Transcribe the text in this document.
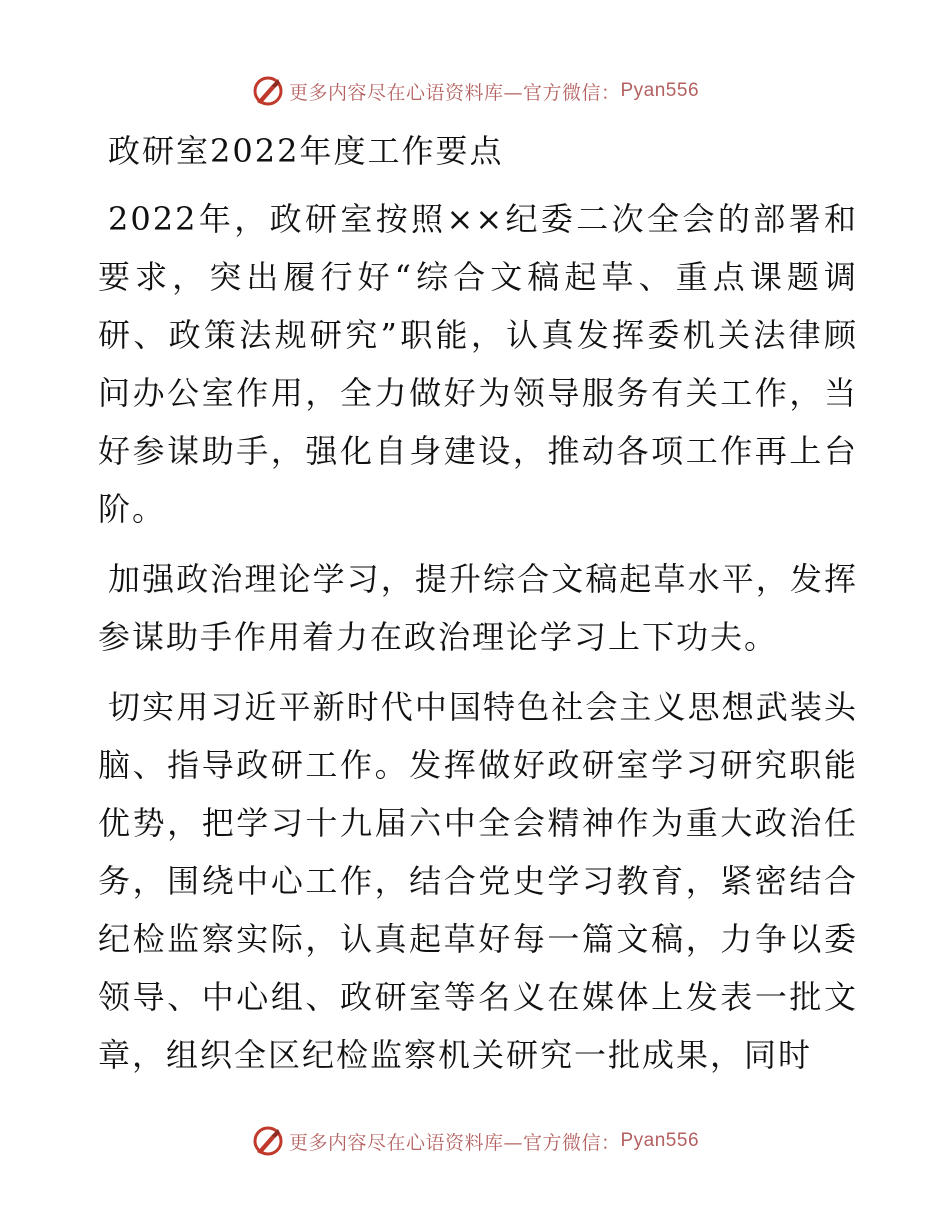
更多内容尽在心语资料库—官方微信： Pyan556

政研室2022年度工作要点

2022年，政研室按照××纪委二次全会的部署和要求，突出履行好“综合文稿起草、重点课题调研、政策法规研究”职能，认真发挥委机关法律顾问办公室作用，全力做好为领导服务有关工作，当好参谋助手，强化自身建设，推动各项工作再上台阶。

加强政治理论学习，提升综合文稿起草水平，发挥参谋助手作用着力在政治理论学习上下功夫。

切实用习近平新时代中国特色社会主义思想武装头脑、指导政研工作。发挥做好政研室学习研究职能优势，把学习十九届六中全会精神作为重大政治任务，围绕中心工作，结合党史学习教育，紧密结合纪检监察实际，认真起草好每一篇文稿，力争以委领导、中心组、政研室等名义在媒体上发表一批文章，组织全区纪检监察机关研究一批成果，同时

更多内容尽在心语资料库—官方微信： Pyan556
